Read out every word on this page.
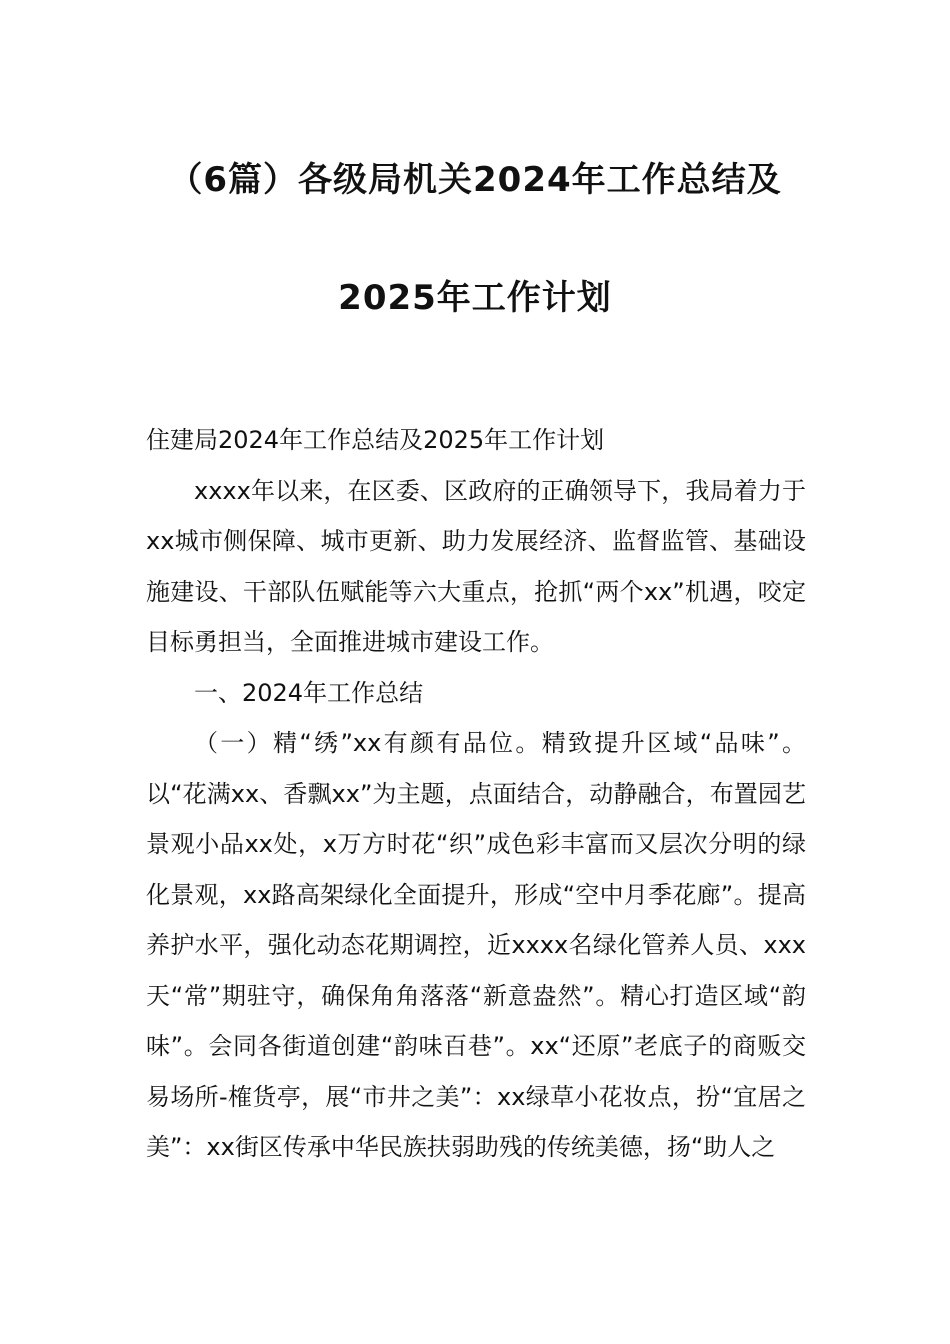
（6篇）各级局机关2024年工作总结及
2025年工作计划

住建局2024年工作总结及2025年工作计划

xxxx年以来，在区委、区政府的正确领导下，我局着力于xx城市侧保障、城市更新、助力发展经济、监督监管、基础设施建设、干部队伍赋能等六大重点，抢抓“两个xx”机遇，咬定目标勇担当，全面推进城市建设工作。

一、2024年工作总结

（一）精“绣”xx有颜有品位。精致提升区域“品味”。以“花满xx、香飘xx”为主题，点面结合，动静融合，布置园艺景观小品xx处，x万方时花“织”成色彩丰富而又层次分明的绿化景观，xx路高架绿化全面提升，形成“空中月季花廊”。提高养护水平，强化动态花期调控，近xxxx名绿化管养人员、xxx天“常”期驻守，确保角角落落“新意盎然”。精心打造区域“韵味”。会同各街道创建“韵味百巷”。xx“还原”老底子的商贩交易场所-榷货亭，展“市井之美”：xx绿草小花妆点，扮“宜居之美”：xx街区传承中华民族扶弱助残的传统美德，扬“助人之
